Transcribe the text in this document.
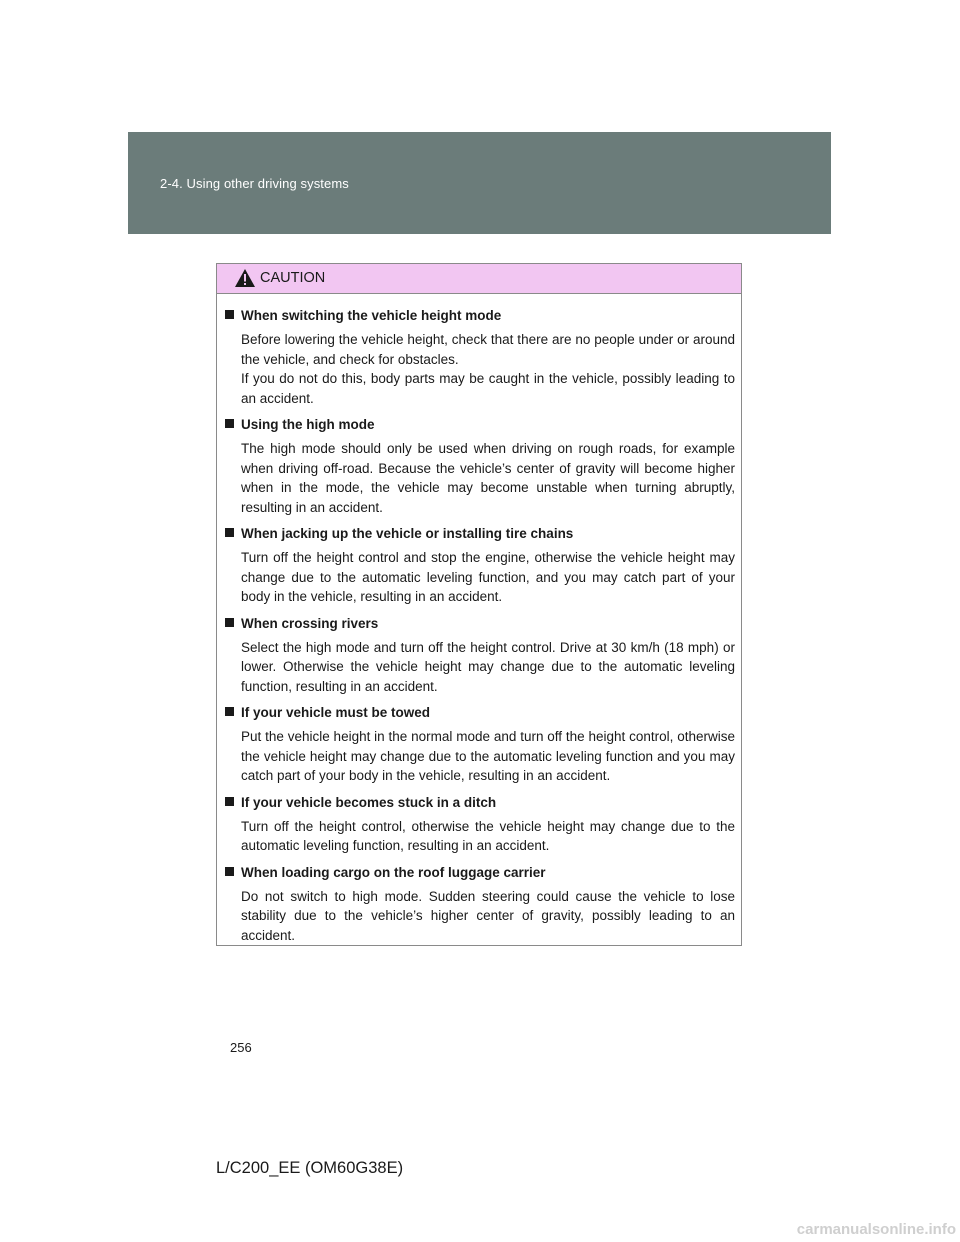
2-4. Using other driving systems
CAUTION
When switching the vehicle height mode
Before lowering the vehicle height, check that there are no people under or around the vehicle, and check for obstacles.
If you do not do this, body parts may be caught in the vehicle, possibly leading to an accident.
Using the high mode
The high mode should only be used when driving on rough roads, for example when driving off-road. Because the vehicle’s center of gravity will become higher when in the mode, the vehicle may become unstable when turning abruptly, resulting in an accident.
When jacking up the vehicle or installing tire chains
Turn off the height control and stop the engine, otherwise the vehicle height may change due to the automatic leveling function, and you may catch part of your body in the vehicle, resulting in an accident.
When crossing rivers
Select the high mode and turn off the height control. Drive at 30 km/h (18 mph) or lower. Otherwise the vehicle height may change due to the automatic leveling function, resulting in an accident.
If your vehicle must be towed
Put the vehicle height in the normal mode and turn off the height control, otherwise the vehicle height may change due to the automatic leveling function and you may catch part of your body in the vehicle, resulting in an accident.
If your vehicle becomes stuck in a ditch
Turn off the height control, otherwise the vehicle height may change due to the automatic leveling function, resulting in an accident.
When loading cargo on the roof luggage carrier
Do not switch to high mode. Sudden steering could cause the vehicle to lose stability due to the vehicle’s higher center of gravity, possibly leading to an accident.
256
L/C200_EE (OM60G38E)
carmanualsonline.info
